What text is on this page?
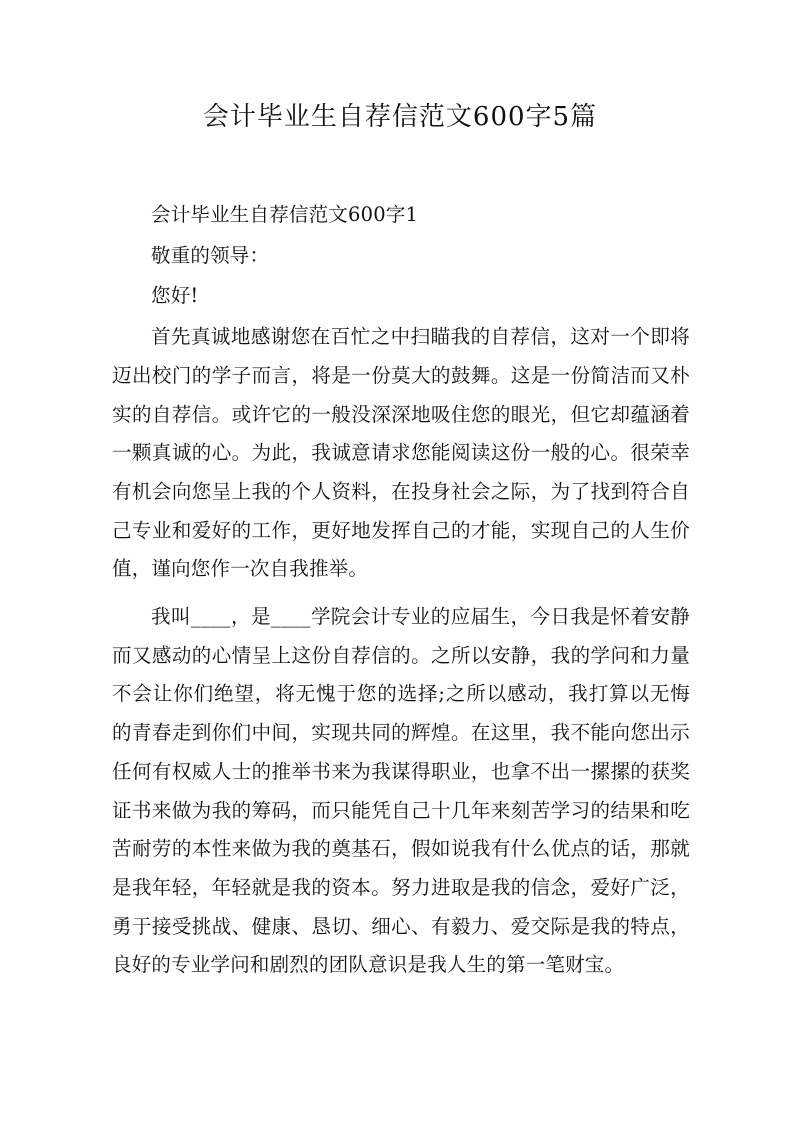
会计毕业生自荐信范文600字5篇

会计毕业生自荐信范文600字1

敬重的领导：

您好!

首先真诚地感谢您在百忙之中扫瞄我的自荐信，这对一个即将迈出校门的学子而言，将是一份莫大的鼓舞。这是一份简洁而又朴实的自荐信。或许它的一般没深深地吸住您的眼光，但它却蕴涵着一颗真诚的心。为此，我诚意请求您能阅读这份一般的心。很荣幸有机会向您呈上我的个人资料，在投身社会之际，为了找到符合自己专业和爱好的工作，更好地发挥自己的才能，实现自己的人生价值，谨向您作一次自我推举。

我叫____，是____学院会计专业的应届生，今日我是怀着安静而又感动的心情呈上这份自荐信的。之所以安静，我的学问和力量不会让你们绝望，将无愧于您的选择;之所以感动，我打算以无悔的青春走到你们中间，实现共同的辉煌。在这里，我不能向您出示任何有权威人士的推举书来为我谋得职业，也拿不出一摞摞的获奖证书来做为我的筹码，而只能凭自己十几年来刻苦学习的结果和吃苦耐劳的本性来做为我的奠基石，假如说我有什么优点的话，那就是我年轻，年轻就是我的资本。努力进取是我的信念，爱好广泛，勇于接受挑战、健康、恳切、细心、有毅力、爱交际是我的特点，良好的专业学问和剧烈的团队意识是我人生的第一笔财宝。
